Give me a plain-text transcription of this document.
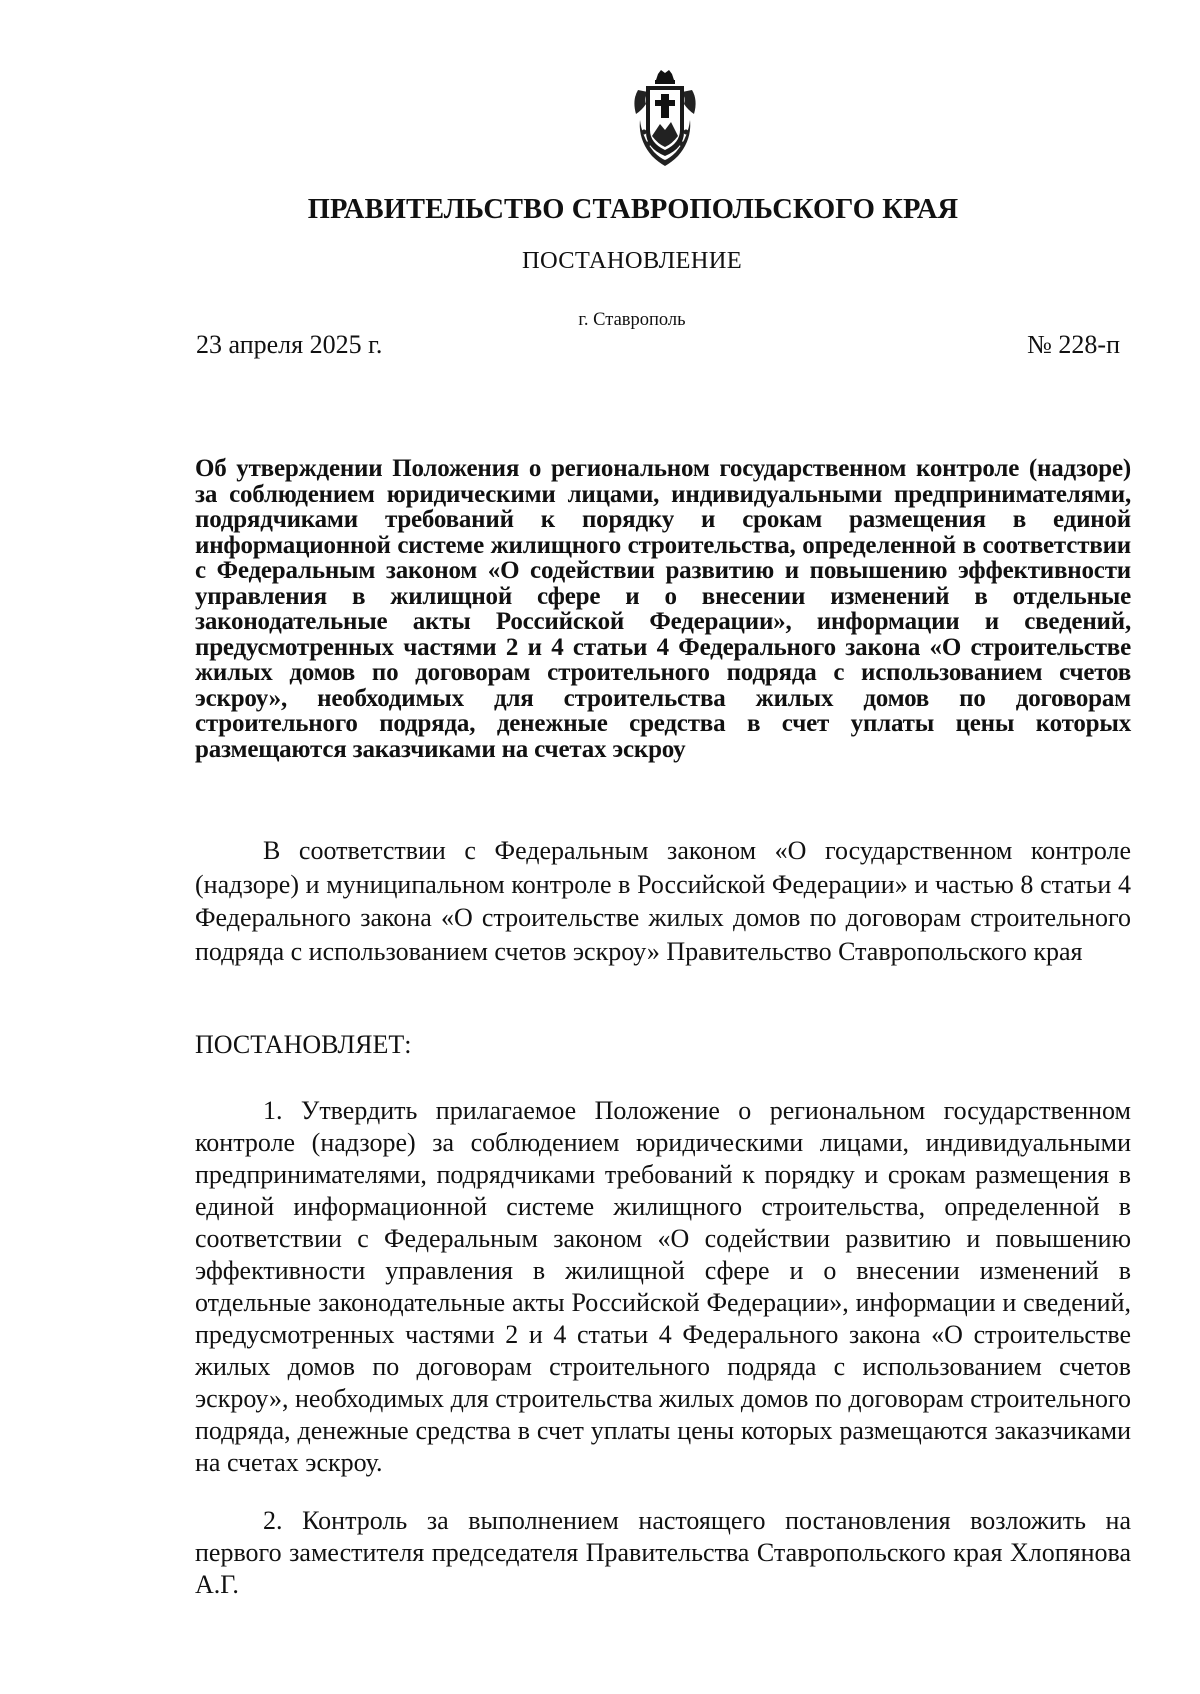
ПРАВИТЕЛЬСТВО СТАВРОПОЛЬСКОГО КРАЯ
ПОСТАНОВЛЕНИЕ
г. Ставрополь
23 апреля 2025 г.	№ 228-п
Об утверждении Положения о региональном государственном контроле (надзоре) за соблюдением юридическими лицами, индивидуальными предпринимателями, подрядчиками требований к порядку и срокам размещения в единой информационной системе жилищного строительства, определенной в соответствии с Федеральным законом «О содействии развитию и повышению эффективности управления в жилищной сфере и о внесении изменений в отдельные законодательные акты Российской Федерации», информации и сведений, предусмотренных частями 2 и 4 статьи 4 Федерального закона «О строительстве жилых домов по договорам строительного подряда с использованием счетов эскроу», необходимых для строительства жилых домов по договорам строительного подряда, денежные средства в счет уплаты цены которых размещаются заказчиками на счетах эскроу
В соответствии с Федеральным законом «О государственном контроле (надзоре) и муниципальном контроле в Российской Федерации» и частью 8 статьи 4 Федерального закона «О строительстве жилых домов по договорам строительного подряда с использованием счетов эскроу» Правительство Ставропольского края
ПОСТАНОВЛЯЕТ:
1. Утвердить прилагаемое Положение о региональном государственном контроле (надзоре) за соблюдением юридическими лицами, индивидуальными предпринимателями, подрядчиками требований к порядку и срокам размещения в единой информационной системе жилищного строительства, определенной в соответствии с Федеральным законом «О содействии развитию и повышению эффективности управления в жилищной сфере и о внесении изменений в отдельные законодательные акты Российской Федерации», информации и сведений, предусмотренных частями 2 и 4 статьи 4 Федерального закона «О строительстве жилых домов по договорам строительного подряда с использованием счетов эскроу», необходимых для строительства жилых домов по договорам строительного подряда, денежные средства в счет уплаты цены которых размещаются заказчиками на счетах эскроу.
2. Контроль за выполнением настоящего постановления возложить на первого заместителя председателя Правительства Ставропольского края Хлопянова А.Г.
